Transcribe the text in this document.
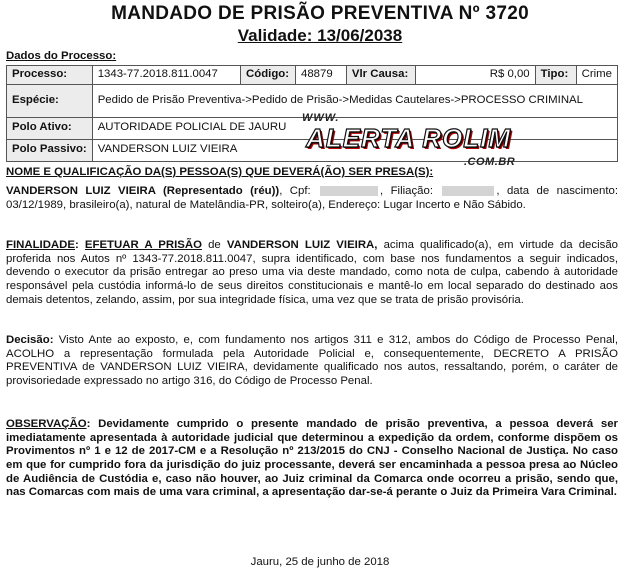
MANDADO DE PRISÃO PREVENTIVA Nº 3720
Validade: 13/06/2038
Dados do Processo:
Processo:	1343-77.2018.811.0047	Código:	48879	Vlr Causa:	R$ 0,00	Tipo:	Crime
Espécie:	Pedido de Prisão Preventiva->Pedido de Prisão->Medidas Cautelares->PROCESSO CRIMINAL						
Polo Ativo:	AUTORIDADE POLICIAL DE JAURU						
Polo Passivo:	VANDERSON LUIZ VIEIRA						
WWW.
ALERTA ROLIM
.COM.BR
NOME E QUALIFICAÇÃO DA(S) PESSOA(S) QUE DEVERÁ(ÃO) SER PRESA(S):
VANDERSON LUIZ VIEIRA (Representado (réu)), Cpf:	, Filiação:	, data de nascimento: 03/12/1989, brasileiro(a), natural de Matelândia-PR, solteiro(a), Endereço: Lugar Incerto e Não Sábido.
FINALIDADE: EFETUAR A PRISÃO de VANDERSON LUIZ VIEIRA, acima qualificado(a), em virtude da decisão proferida nos Autos nº 1343-77.2018.811.0047, supra identificado, com base nos fundamentos a seguir indicados, devendo o executor da prisão entregar ao preso uma via deste mandado, como nota de culpa, cabendo à autoridade responsável pela custódia informá-lo de seus direitos constitucionais e mantê-lo em local separado do destinado aos demais detentos, zelando, assim, por sua integridade física, uma vez que se trata de prisão provisória.
Decisão: Visto Ante ao exposto, e, com fundamento nos artigos 311 e 312, ambos do Código de Processo Penal, ACOLHO a representação formulada pela Autoridade Policial e, consequentemente, DECRETO A PRISÃO PREVENTIVA de VANDERSON LUIZ VIEIRA, devidamente qualificado nos autos, ressaltando, porém, o caráter de provisoriedade expressado no artigo 316, do Código de Processo Penal.
OBSERVAÇÃO: Devidamente cumprido o presente mandado de prisão preventiva, a pessoa deverá ser imediatamente apresentada à autoridade judicial que determinou a expedição da ordem, conforme dispõem os Provimentos nº 1 e 12 de 2017-CM e a Resolução nº 213/2015 do CNJ - Conselho Nacional de Justiça. No caso em que for cumprido fora da jurisdição do juiz processante, deverá ser encaminhada a pessoa presa ao Núcleo de Audiência de Custódia e, caso não houver, ao Juiz criminal da Comarca onde ocorreu a prisão, sendo que, nas Comarcas com mais de uma vara criminal, a apresentação dar-se-á perante o Juiz da Primeira Vara Criminal.
Jauru, 25 de junho de 2018
